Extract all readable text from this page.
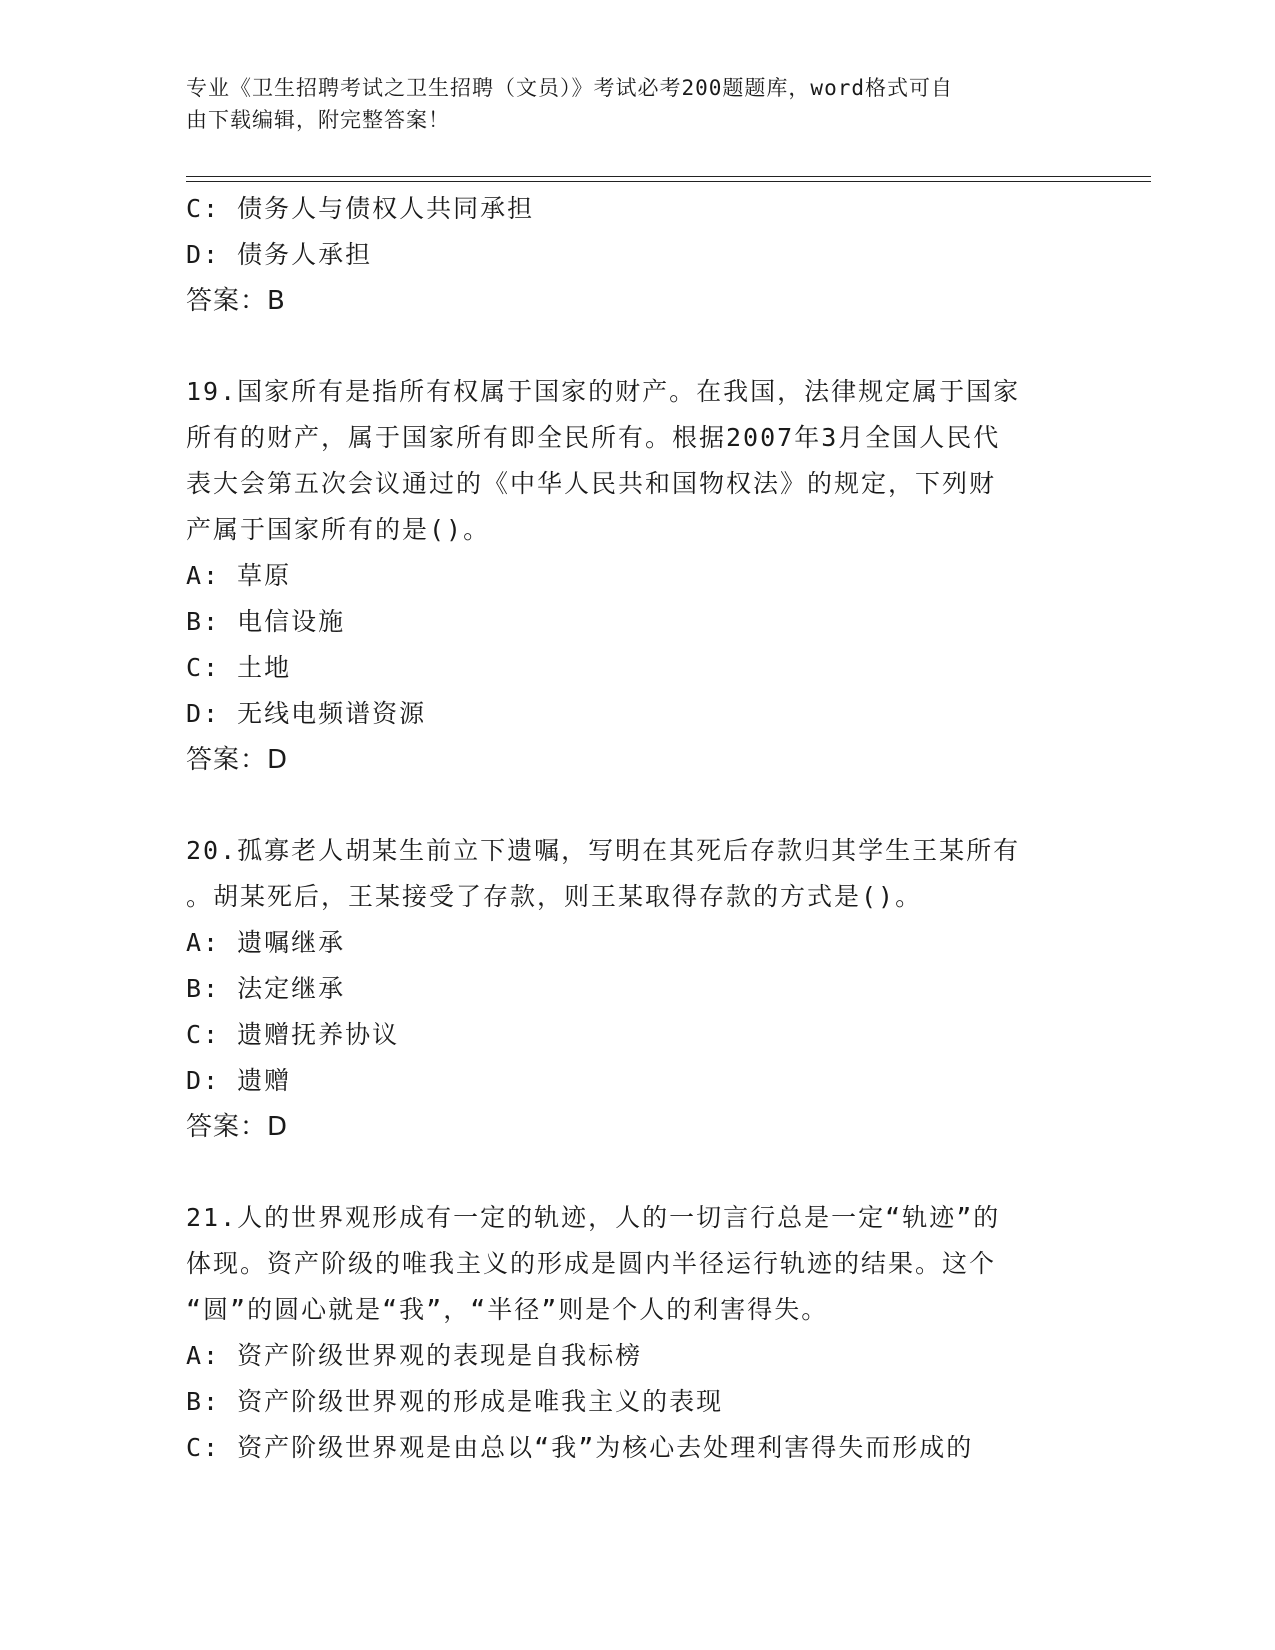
专业《卫生招聘考试之卫生招聘（文员）》考试必考200题题库，word格式可自
由下载编辑，附完整答案！
C: 债务人与债权人共同承担
D: 债务人承担
答案：B
19.国家所有是指所有权属于国家的财产。在我国，法律规定属于国家
所有的财产，属于国家所有即全民所有。根据2007年3月全国人民代
表大会第五次会议通过的《中华人民共和国物权法》的规定，下列财
产属于国家所有的是()。
A: 草原
B: 电信设施
C: 土地
D: 无线电频谱资源
答案：D
20.孤寡老人胡某生前立下遗嘱，写明在其死后存款归其学生王某所有
。胡某死后，王某接受了存款，则王某取得存款的方式是()。
A: 遗嘱继承
B: 法定继承
C: 遗赠抚养协议
D: 遗赠
答案：D
21.人的世界观形成有一定的轨迹，人的一切言行总是一定“轨迹”的
体现。资产阶级的唯我主义的形成是圆内半径运行轨迹的结果。这个
“圆”的圆心就是“我”，“半径”则是个人的利害得失。
A: 资产阶级世界观的表现是自我标榜
B: 资产阶级世界观的形成是唯我主义的表现
C: 资产阶级世界观是由总以“我”为核心去处理利害得失而形成的
